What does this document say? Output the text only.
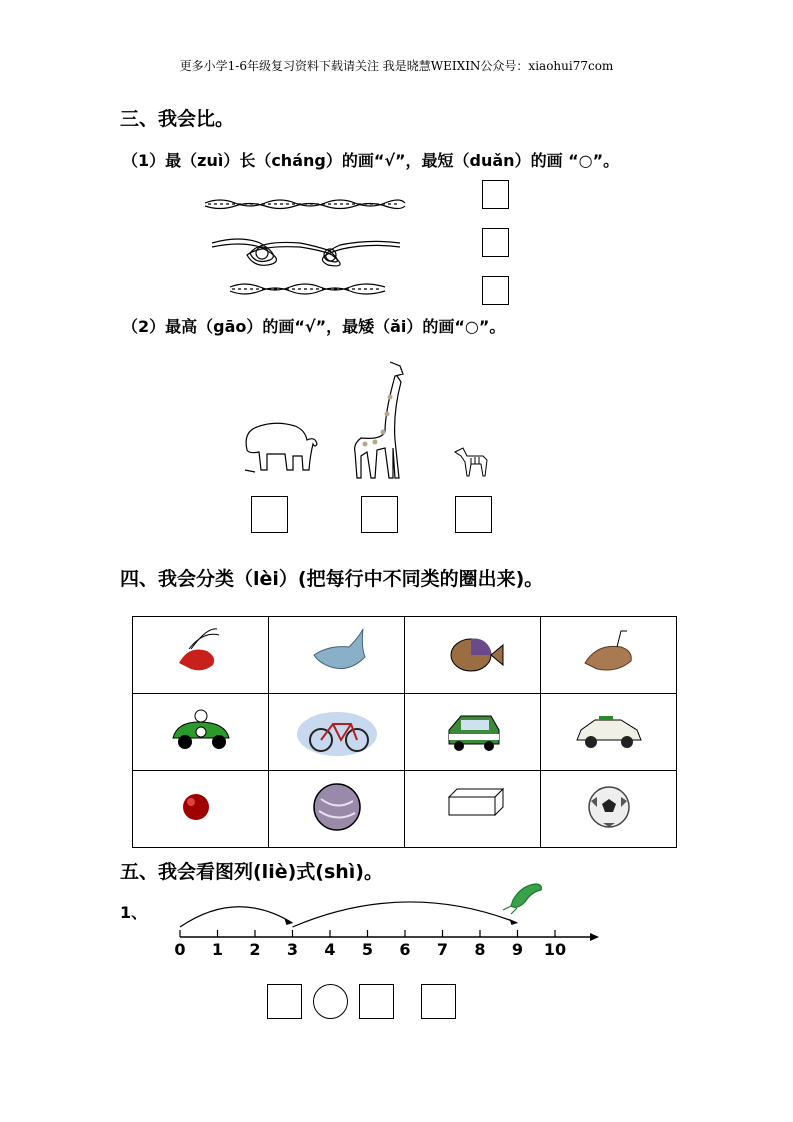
更多小学1-6年级复习资料下载请关注 我是晓慧WEIXIN公众号：xiaohui77com
三、我会比。
（1）最（zuì）长（cháng）的画“√”，最短（duǎn）的画 “○”。
（2）最高（gāo）的画“√”，最矮（ǎi）的画“○”。
四、我会分类（lèi）(把每行中不同类的圈出来)。

五、我会看图列(liè)式(shì)。
1、
0 1 2 3 4 5 6 7 8 9 10
